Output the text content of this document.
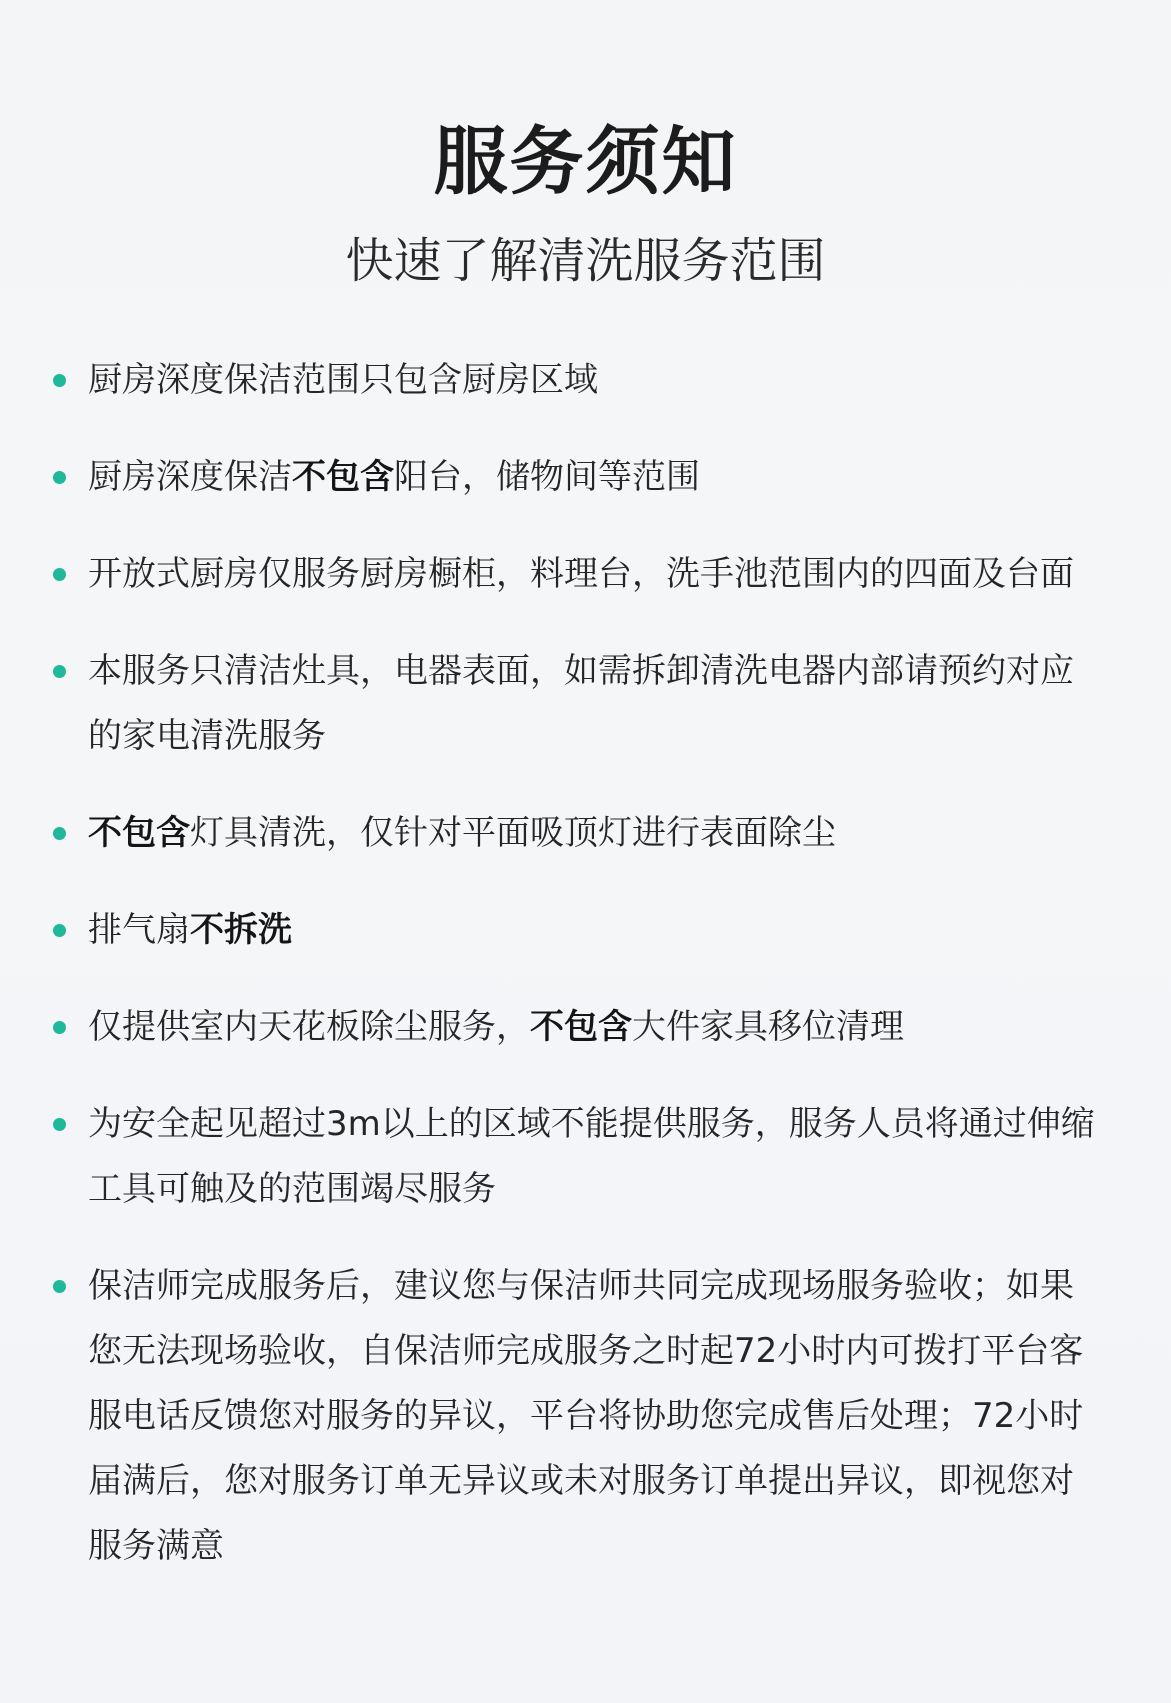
服务须知
快速了解清洗服务范围
厨房深度保洁范围只包含厨房区域
厨房深度保洁不包含阳台，储物间等范围
开放式厨房仅服务厨房橱柜，料理台，洗手池范围内的四面及台面
本服务只清洁灶具，电器表面，如需拆卸清洗电器内部请预约对应的家电清洗服务
不包含灯具清洗，仅针对平面吸顶灯进行表面除尘
排气扇不拆洗
仅提供室内天花板除尘服务，不包含大件家具移位清理
为安全起见超过3m以上的区域不能提供服务，服务人员将通过伸缩工具可触及的范围竭尽服务
保洁师完成服务后，建议您与保洁师共同完成现场服务验收；如果您无法现场验收，自保洁师完成服务之时起72小时内可拨打平台客服电话反馈您对服务的异议，平台将协助您完成售后处理；72小时届满后，您对服务订单无异议或未对服务订单提出异议，即视您对服务满意
